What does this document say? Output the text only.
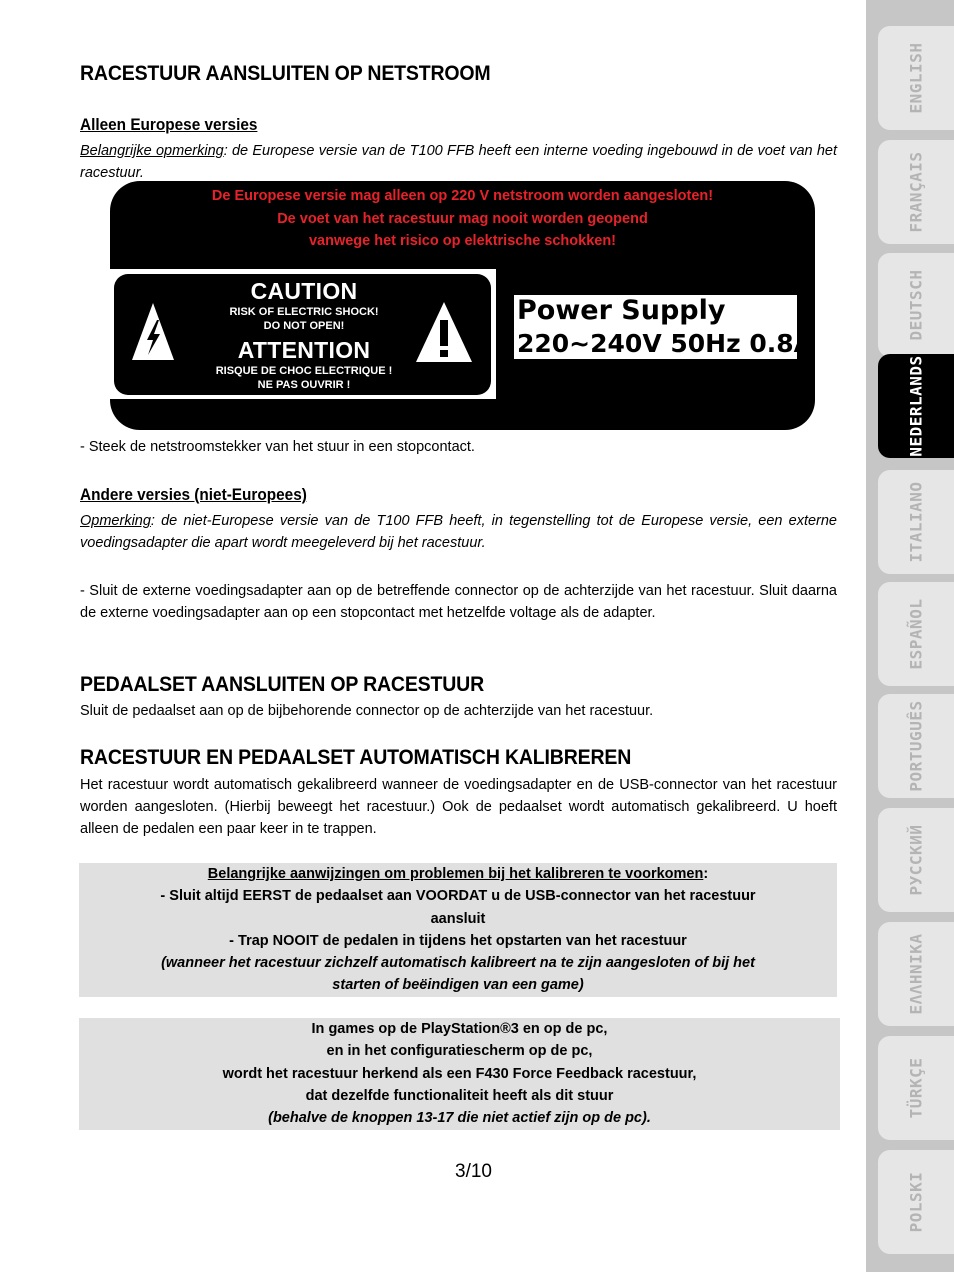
RACESTUUR AANSLUITEN OP NETSTROOM
Alleen Europese versies

Belangrijke opmerking: de Europese versie van de T100 FFB heeft een interne voeding ingebouwd in de voet van het racestuur.

- Steek de netstroomstekker van het stuur in een stopcontact.

Andere versies (niet-Europees)

Opmerking: de niet-Europese versie van de T100 FFB heeft, in tegenstelling tot de Europese versie, een externe voedingsadapter die apart wordt meegeleverd bij het racestuur.

- Sluit de externe voedingsadapter aan op de betreffende connector op de achterzijde van het racestuur. Sluit daarna de externe voedingsadapter aan op een stopcontact met hetzelfde voltage als de adapter.

PEDAALSET AANSLUITEN OP RACESTUUR

Sluit de pedaalset aan op de bijbehorende connector op de achterzijde van het racestuur.

RACESTUUR EN PEDAALSET AUTOMATISCH KALIBREREN

Het racestuur wordt automatisch gekalibreerd wanneer de voedingsadapter en de USB-connector van het racestuur worden aangesloten. (Hierbij beweegt het racestuur.) Ook de pedaalset wordt automatisch gekalibreerd. U hoeft alleen de pedalen een paar keer in te trappen.

De Europese versie mag alleen op 220 V netstroom worden aangesloten!
De voet van het racestuur mag nooit worden geopend
vanwege het risico op elektrische schokken!
CAUTION
RISK OF ELECTRIC SHOCK!
DO NOT OPEN!
ATTENTION
RISQUE DE CHOC ELECTRIQUE !
NE PAS OUVRIR !
Power Supply
220~240V 50Hz 0.8A
Belangrijke aanwijzingen om problemen bij het kalibreren te voorkomen:
- Sluit altijd EERST de pedaalset aan VOORDAT u de USB-connector van het racestuur
aansluit
- Trap NOOIT de pedalen in tijdens het opstarten van het racestuur
(wanneer het racestuur zichzelf automatisch kalibreert na te zijn aangesloten of bij het
starten of beëindigen van een game)
In games op de PlayStation®3 en op de pc,
en in het configuratiescherm op de pc,
wordt het racestuur herkend als een F430 Force Feedback racestuur,
dat dezelfde functionaliteit heeft als dit stuur
(behalve de knoppen 13-17 die niet actief zijn op de pc).
3/10
ENGLISH
FRANÇAIS
DEUTSCH
NEDERLANDS
ITALIANO
ESPAÑOL
PORTUGUÊS
РУССКИЙ
ΕΛΛΗΝΙΚΑ
TÜRKÇE
POLSKI
